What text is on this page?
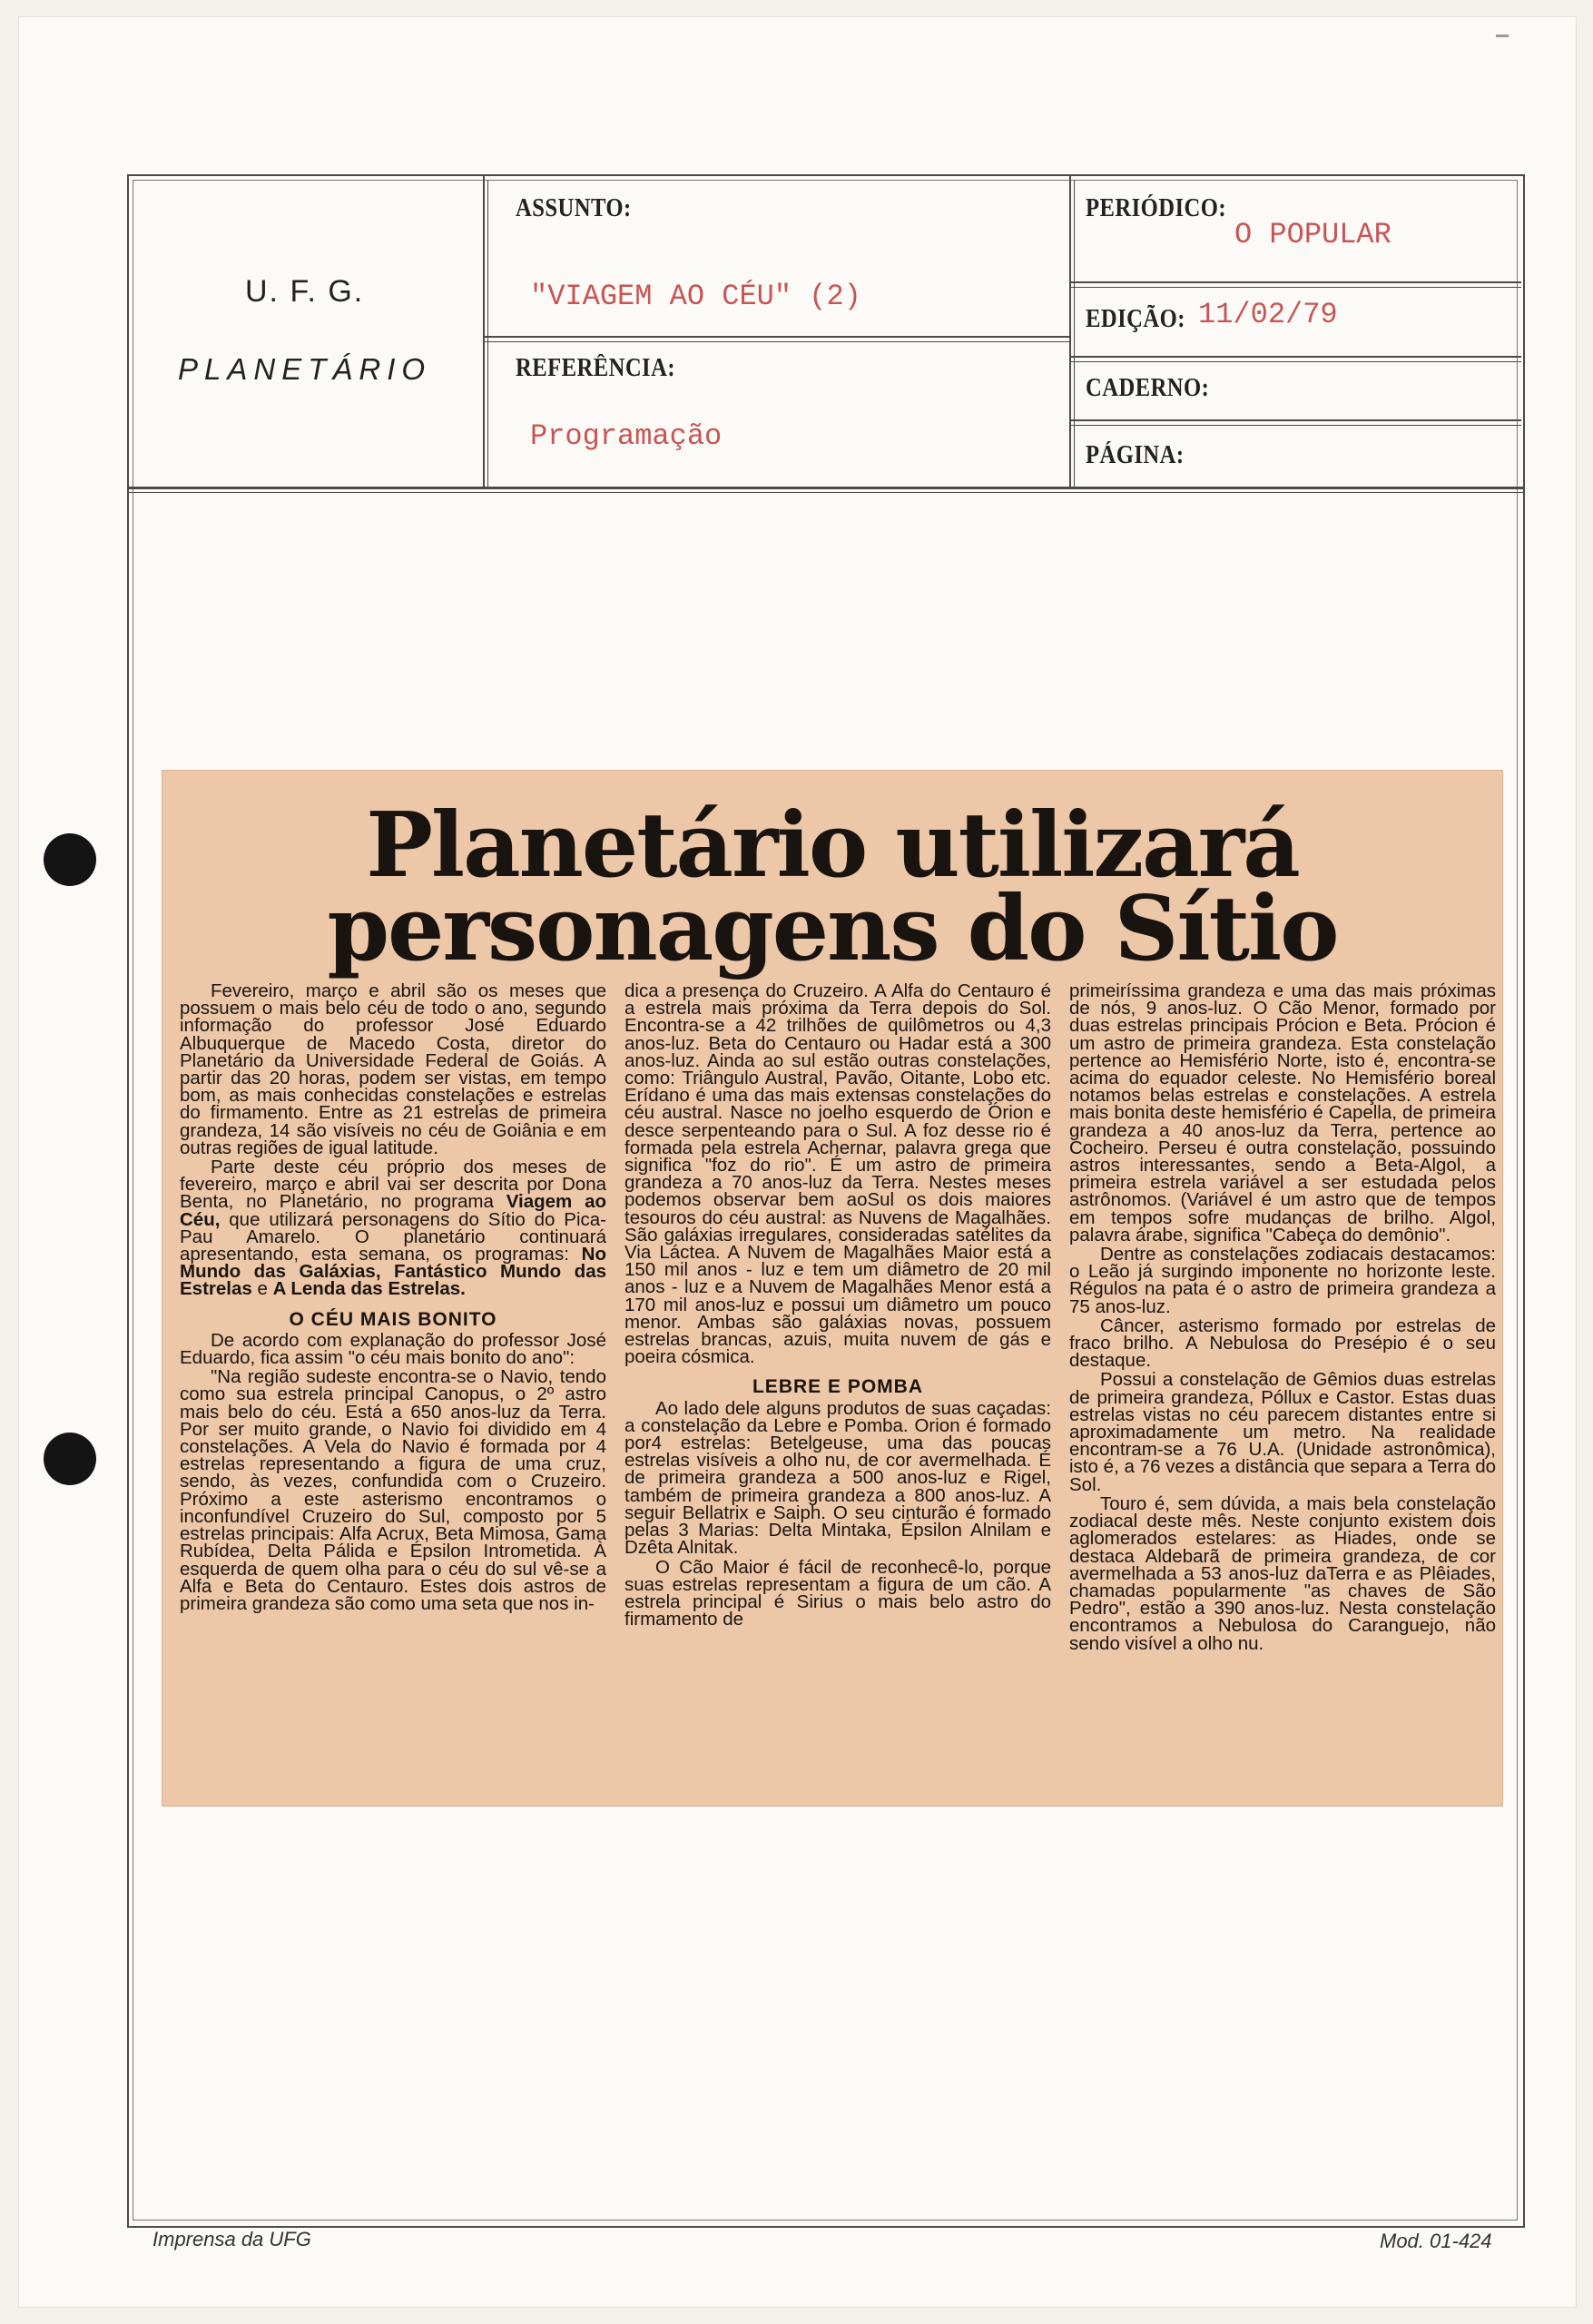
U. F. G.
PLANETÁRIO
ASSUNTO:
"VIAGEM AO CÉU" (2)
REFERÊNCIA:
Programação
PERIÓDICO:
O POPULAR
EDIÇÃO: 11/02/79
CADERNO:
PÁGINA:
Planetário utilizará
personagens do Sítio

Fevereiro, março e abril são os meses que possuem o mais belo céu de todo o ano, segundo informação do professor José Eduardo Albuquerque de Macedo Costa, diretor do Planetário da Universidade Federal de Goiás. A partir das 20 horas, podem ser vistas, em tempo bom, as mais conhecidas constelações e estrelas do firmamento. Entre as 21 estrelas de primeira grandeza, 14 são visíveis no céu de Goiânia e em outras regiões de igual latitude.

Parte deste céu próprio dos meses de fevereiro, março e abril vai ser descrita por Dona Benta, no Planetário, no programa Viagem ao Céu, que utilizará personagens do Sítio do Pica-Pau Amarelo. O planetário continuará apresentando, esta semana, os programas: No Mundo das Galáxias, Fantástico Mundo das Estrelas e A Lenda das Estrelas.

O CÉU MAIS BONITO

De acordo com explanação do professor José Eduardo, fica assim "o céu mais bonito do ano":

"Na região sudeste encontra-se o Navio, tendo como sua estrela principal Canopus, o 2º astro mais belo do céu. Está a 650 anos-luz da Terra. Por ser muito grande, o Navio foi dividido em 4 constelações. A Vela do Navio é formada por 4 estrelas representando a figura de uma cruz, sendo, às vezes, confundida com o Cruzeiro. Próximo a este asterismo encontramos o inconfundível Cruzeiro do Sul, composto por 5 estrelas principais: Alfa Acrux, Beta Mimosa, Gama Rubídea, Delta Pálida e Épsilon Intrometida. À esquerda de quem olha para o céu do sul vê-se a Alfa e Beta do Centauro. Estes dois astros de primeira grandeza são como uma seta que nos in-

dica a presença do Cruzeiro. A Alfa do Centauro é a estrela mais próxima da Terra depois do Sol. Encontra-se a 42 trilhões de quilômetros ou 4,3 anos-luz. Beta do Centauro ou Hadar está a 300 anos-luz. Ainda ao sul estão outras constelações, como: Triângulo Austral, Pavão, Oitante, Lobo etc. Erídano é uma das mais extensas constelações do céu austral. Nasce no joelho esquerdo de Órion e desce serpenteando para o Sul. A foz desse rio é formada pela estrela Achernar, palavra grega que significa "foz do rio". É um astro de primeira grandeza a 70 anos-luz da Terra. Nestes meses podemos observar bem aoSul os dois maiores tesouros do céu austral: as Nuvens de Magalhães. São galáxias irregulares, consideradas satélites da Via Láctea. A Nuvem de Magalhães Maior está a 150 mil anos - luz e tem um diâmetro de 20 mil anos - luz e a Nuvem de Magalhães Menor está a 170 mil anos-luz e possui um diâmetro um pouco menor. Ambas são galáxias novas, possuem estrelas brancas, azuis, muita nuvem de gás e poeira cósmica.

LEBRE E POMBA

Ao lado dele alguns produtos de suas caçadas: a constelação da Lebre e Pomba. Orion é formado por4 estrelas: Betelgeuse, uma das poucas estrelas visíveis a olho nu, de cor avermelhada. É de primeira grandeza a 500 anos-luz e Rigel, também de primeira grandeza a 800 anos-luz. A seguir Bellatrix e Saiph. O seu cinturão é formado pelas 3 Marias: Delta Mintaka, Épsilon Alnilam e Dzêta Alnitak.

O Cão Maior é fácil de reconhecê-lo, porque suas estrelas representam a figura de um cão. A estrela principal é Sirius o mais belo astro do firmamento de

primeiríssima grandeza e uma das mais próximas de nós, 9 anos-luz. O Cão Menor, formado por duas estrelas principais Prócion e Beta. Prócion é um astro de primeira grandeza. Esta constelação pertence ao Hemisfério Norte, isto é, encontra-se acima do equador celeste. No Hemisfério boreal notamos belas estrelas e constelações. A estrela mais bonita deste hemisfério é Capella, de primeira grandeza a 40 anos-luz da Terra, pertence ao Cocheiro. Perseu é outra constelação, possuindo astros interessantes, sendo a Beta-Algol, a primeira estrela variável a ser estudada pelos astrônomos. (Variável é um astro que de tempos em tempos sofre mudanças de brilho. Algol, palavra árabe, significa "Cabeça do demônio".

Dentre as constelações zodiacais destacamos: o Leão já surgindo imponente no horizonte leste. Régulos na pata é o astro de primeira grandeza a 75 anos-luz.

Câncer, asterismo formado por estrelas de fraco brilho. A Nebulosa do Presépio é o seu destaque.

Possui a constelação de Gêmios duas estrelas de primeira grandeza, Póllux e Castor. Estas duas estrelas vistas no céu parecem distantes entre si aproximadamente um metro. Na realidade encontram-se a 76 U.A. (Unidade astronômica), isto é, a 76 vezes a distância que separa a Terra do Sol.

Touro é, sem dúvida, a mais bela constelação zodiacal deste mês. Neste conjunto existem dois aglomerados estelares: as Hiades, onde se destaca Aldebarã de primeira grandeza, de cor avermelhada a 53 anos-luz daTerra e as Plêiades, chamadas popularmente "as chaves de São Pedro", estão a 390 anos-luz. Nesta constelação encontramos a Nebulosa do Caranguejo, não sendo visível a olho nu.

Imprensa da UFG	Mod. 01-424
